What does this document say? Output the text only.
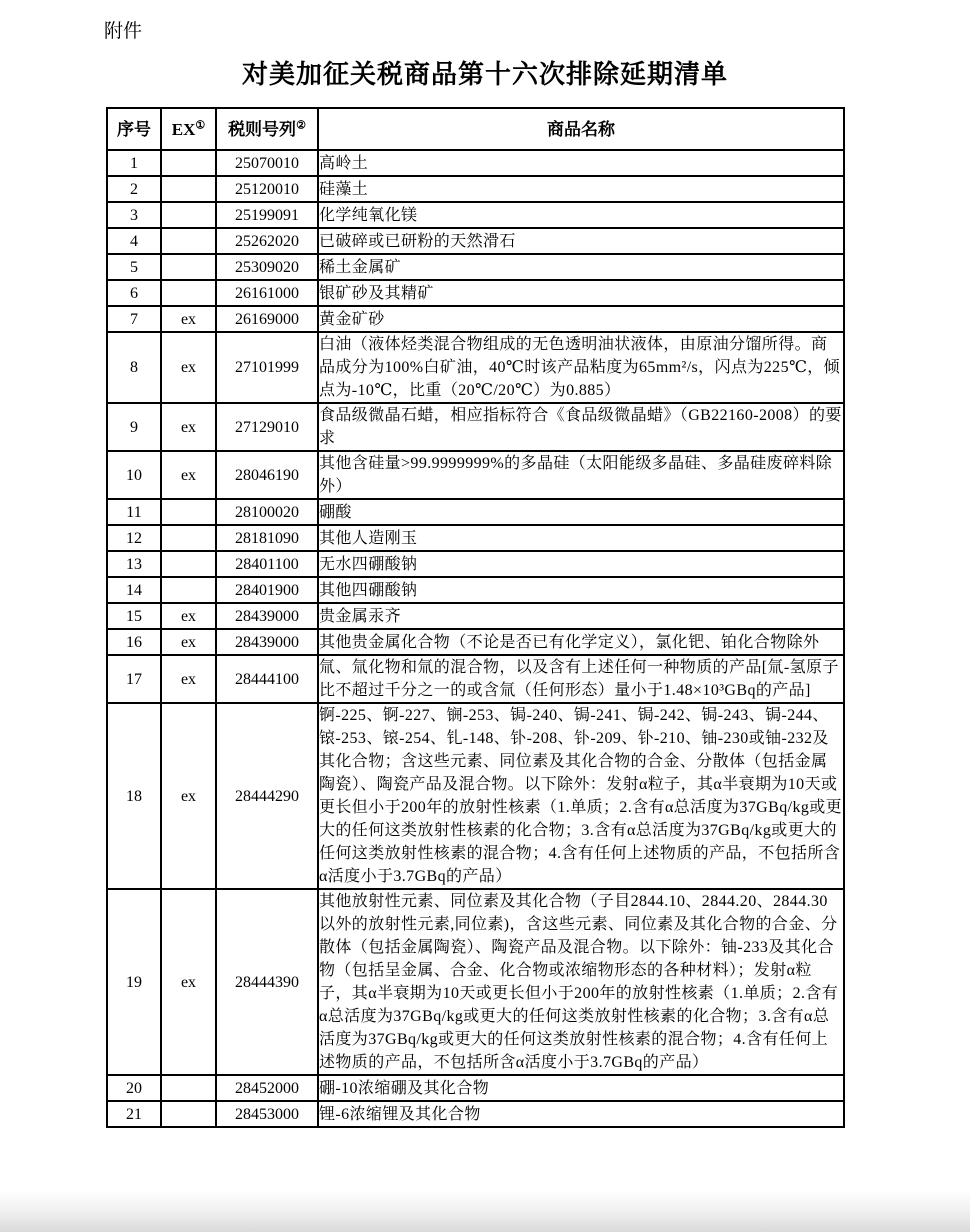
附件
对美加征关税商品第十六次排除延期清单
序号	EX①	税则号列②	商品名称
1		25070010	高岭土
2		25120010	硅藻土
3		25199091	化学纯氧化镁
4		25262020	已破碎或已研粉的天然滑石
5		25309020	稀土金属矿
6		26161000	银矿砂及其精矿
7	ex	26169000	黄金矿砂
8	ex	27101999	白油（液体烃类混合物组成的无色透明油状液体，由原油分馏所得。商品成分为100%白矿油，40℃时该产品粘度为65mm²/s，闪点为225℃，倾点为-10℃，比重（20℃/20℃）为0.885）
9	ex	27129010	食品级微晶石蜡，相应指标符合《食品级微晶蜡》（GB22160-2008）的要求
10	ex	28046190	其他含硅量>99.9999999%的多晶硅（太阳能级多晶硅、多晶硅废碎料除外）
11		28100020	硼酸
12		28181090	其他人造刚玉
13		28401100	无水四硼酸钠
14		28401900	其他四硼酸钠
15	ex	28439000	贵金属汞齐
16	ex	28439000	其他贵金属化合物（不论是否已有化学定义），氯化钯、铂化合物除外
17	ex	28444100	氚、氚化物和氚的混合物，以及含有上述任何一种物质的产品[氚-氢原子比不超过千分之一的或含氚（任何形态）量小于1.48×10³GBq的产品]
18	ex	28444290	锕-225、锕-227、锎-253、锔-240、锔-241、锔-242、锔-243、锔-244、锿-253、锿-254、钆-148、钋-208、钋-209、钋-210、铀-230或铀-232及其化合物；含这些元素、同位素及其化合物的合金、分散体（包括金属陶瓷）、陶瓷产品及混合物。以下除外：发射α粒子，其α半衰期为10天或更长但小于200年的放射性核素（1.单质；2.含有α总活度为37GBq/kg或更大的任何这类放射性核素的化合物；3.含有α总活度为37GBq/kg或更大的任何这类放射性核素的混合物；4.含有任何上述物质的产品，不包括所含α活度小于3.7GBq的产品）
19	ex	28444390	其他放射性元素、同位素及其化合物（子目2844.10、2844.20、2844.30以外的放射性元素,同位素)，含这些元素、同位素及其化合物的合金、分散体（包括金属陶瓷）、陶瓷产品及混合物。以下除外：铀-233及其化合物（包括呈金属、合金、化合物或浓缩物形态的各种材料）；发射α粒子，其α半衰期为10天或更长但小于200年的放射性核素（1.单质；2.含有α总活度为37GBq/kg或更大的任何这类放射性核素的化合物；3.含有α总活度为37GBq/kg或更大的任何这类放射性核素的混合物；4.含有任何上述物质的产品，不包括所含α活度小于3.7GBq的产品）
20		28452000	硼-10浓缩硼及其化合物
21		28453000	锂-6浓缩锂及其化合物
